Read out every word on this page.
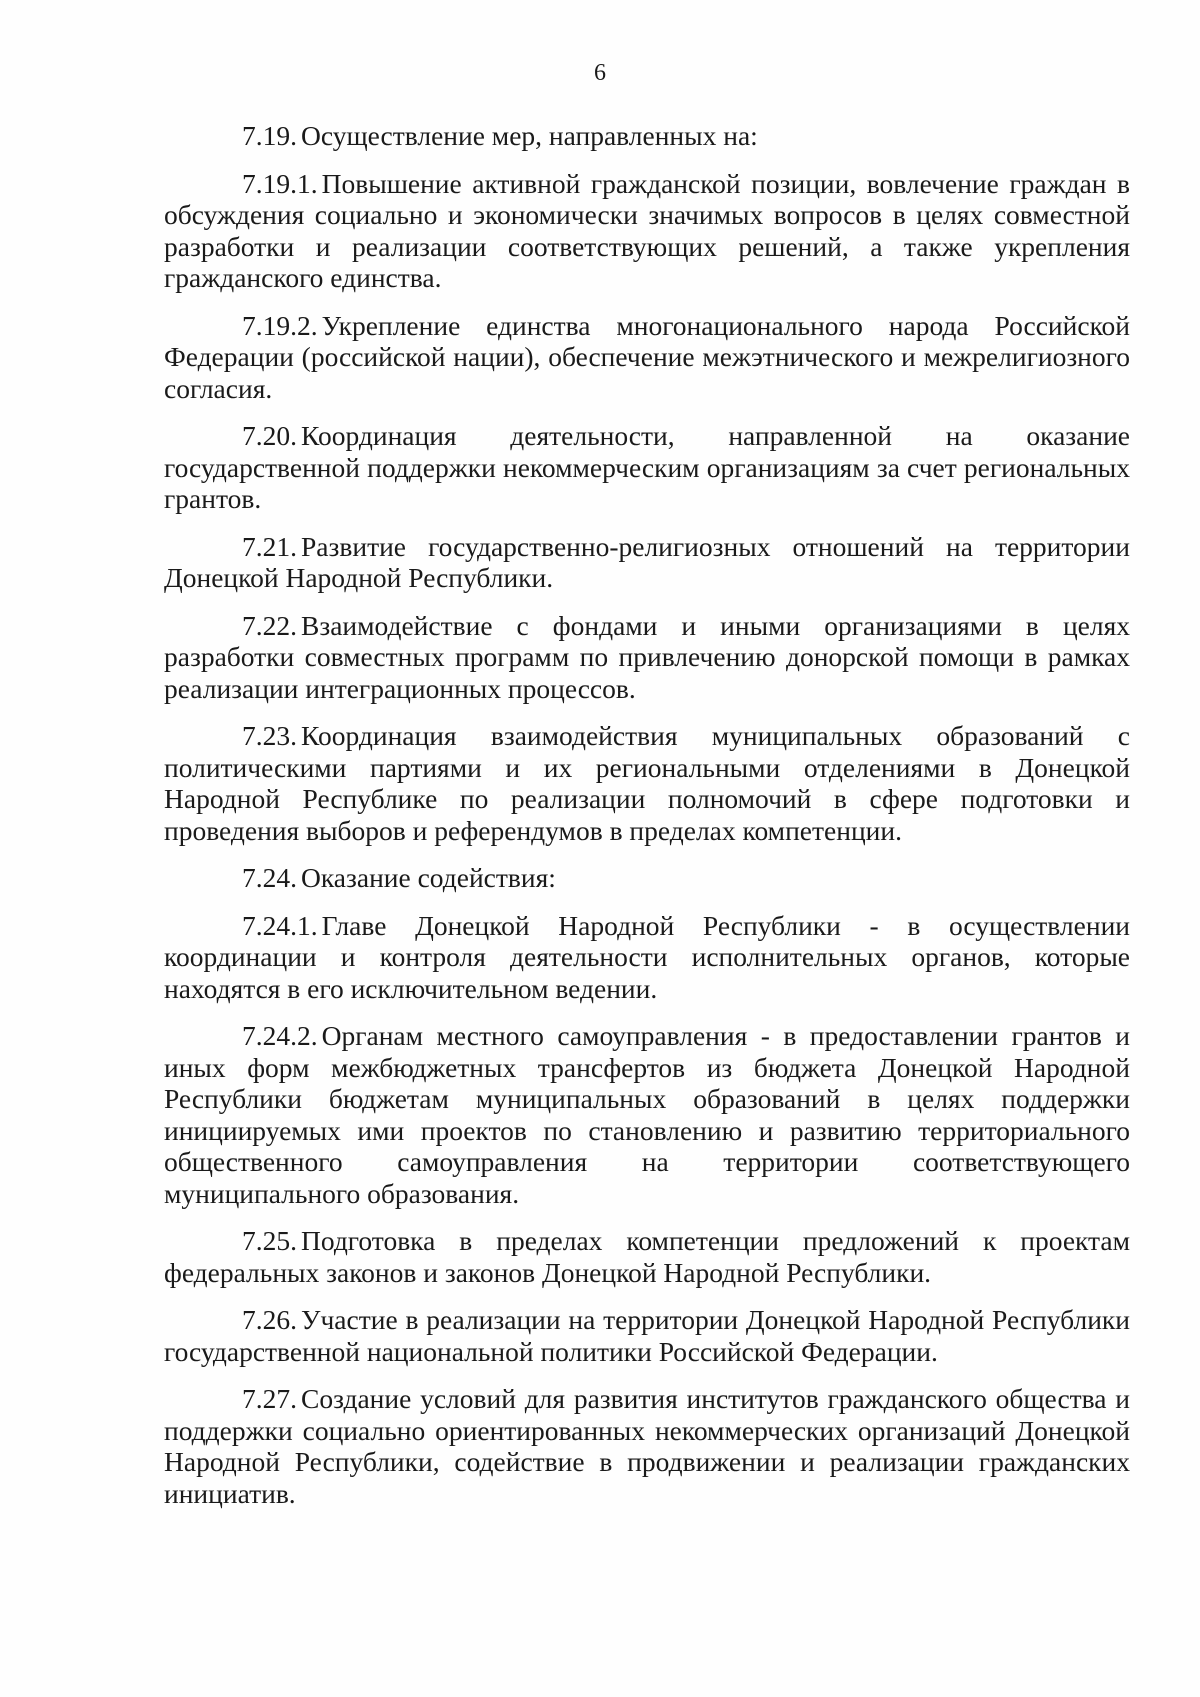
6

7.19. Осуществление мер, направленных на:

7.19.1. Повышение активной гражданской позиции, вовлечение граждан в обсуждения социально и экономически значимых вопросов в целях совместной разработки и реализации соответствующих решений, а также укрепления гражданского единства.

7.19.2. Укрепление единства многонационального народа Российской Федерации (российской нации), обеспечение межэтнического и межрелигиозного согласия.

7.20. Координация деятельности, направленной на оказание государственной поддержки некоммерческим организациям за счет региональных грантов.

7.21. Развитие государственно-религиозных отношений на территории Донецкой Народной Республики.

7.22. Взаимодействие с фондами и иными организациями в целях разработки совместных программ по привлечению донорской помощи в рамках реализации интеграционных процессов.

7.23. Координация взаимодействия муниципальных образований с политическими партиями и их региональными отделениями в Донецкой Народной Республике по реализации полномочий в сфере подготовки и проведения выборов и референдумов в пределах компетенции.

7.24. Оказание содействия:

7.24.1. Главе Донецкой Народной Республики - в осуществлении координации и контроля деятельности исполнительных органов, которые находятся в его исключительном ведении.

7.24.2. Органам местного самоуправления - в предоставлении грантов и иных форм межбюджетных трансфертов из бюджета Донецкой Народной Республики бюджетам муниципальных образований в целях поддержки инициируемых ими проектов по становлению и развитию территориального общественного самоуправления на территории соответствующего муниципального образования.

7.25. Подготовка в пределах компетенции предложений к проектам федеральных законов и законов Донецкой Народной Республики.

7.26. Участие в реализации на территории Донецкой Народной Республики государственной национальной политики Российской Федерации.

7.27. Создание условий для развития институтов гражданского общества и поддержки социально ориентированных некоммерческих организаций Донецкой Народной Республики, содействие в продвижении и реализации гражданских инициатив.
